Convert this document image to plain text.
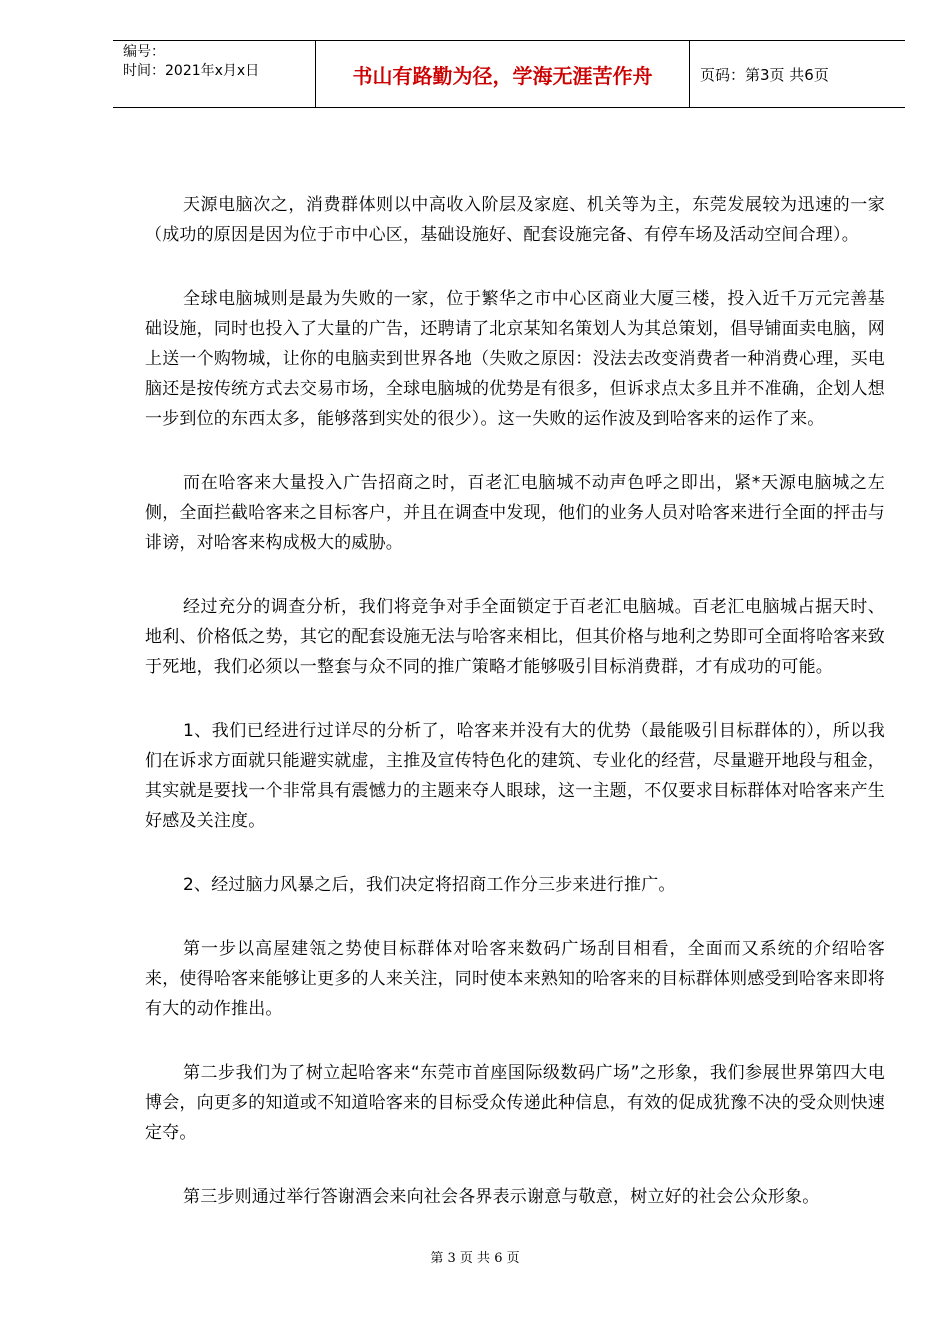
编号：
时间：2021年x月x日	书山有路勤为径，学海无涯苦作舟	页码：第3页 共6页

天源电脑次之，消费群体则以中高收入阶层及家庭、机关等为主，东莞发展较为迅速的一家（成功的原因是因为位于市中心区，基础设施好、配套设施完备、有停车场及活动空间合理）。

全球电脑城则是最为失败的一家，位于繁华之市中心区商业大厦三楼，投入近千万元完善基础设施，同时也投入了大量的广告，还聘请了北京某知名策划人为其总策划，倡导铺面卖电脑，网上送一个购物城，让你的电脑卖到世界各地（失败之原因：没法去改变消费者一种消费心理，买电脑还是按传统方式去交易市场，全球电脑城的优势是有很多，但诉求点太多且并不准确，企划人想一步到位的东西太多，能够落到实处的很少）。这一失败的运作波及到哈客来的运作了来。

而在哈客来大量投入广告招商之时，百老汇电脑城不动声色呼之即出，紧*天源电脑城之左侧，全面拦截哈客来之目标客户，并且在调查中发现，他们的业务人员对哈客来进行全面的抨击与诽谤，对哈客来构成极大的威胁。

经过充分的调查分析，我们将竞争对手全面锁定于百老汇电脑城。百老汇电脑城占据天时、地利、价格低之势，其它的配套设施无法与哈客来相比，但其价格与地利之势即可全面将哈客来致于死地，我们必须以一整套与众不同的推广策略才能够吸引目标消费群，才有成功的可能。

1、我们已经进行过详尽的分析了，哈客来并没有大的优势（最能吸引目标群体的），所以我们在诉求方面就只能避实就虚，主推及宣传特色化的建筑、专业化的经营，尽量避开地段与租金，其实就是要找一个非常具有震憾力的主题来夺人眼球，这一主题，不仅要求目标群体对哈客来产生好感及关注度。

2、经过脑力风暴之后，我们决定将招商工作分三步来进行推广。

第一步以高屋建瓴之势使目标群体对哈客来数码广场刮目相看，全面而又系统的介绍哈客来，使得哈客来能够让更多的人来关注，同时使本来熟知的哈客来的目标群体则感受到哈客来即将有大的动作推出。

第二步我们为了树立起哈客来“东莞市首座国际级数码广场”之形象，我们参展世界第四大电博会，向更多的知道或不知道哈客来的目标受众传递此种信息，有效的促成犹豫不决的受众则快速定夺。

第三步则通过举行答谢酒会来向社会各界表示谢意与敬意，树立好的社会公众形象。

第 3 页 共 6 页
